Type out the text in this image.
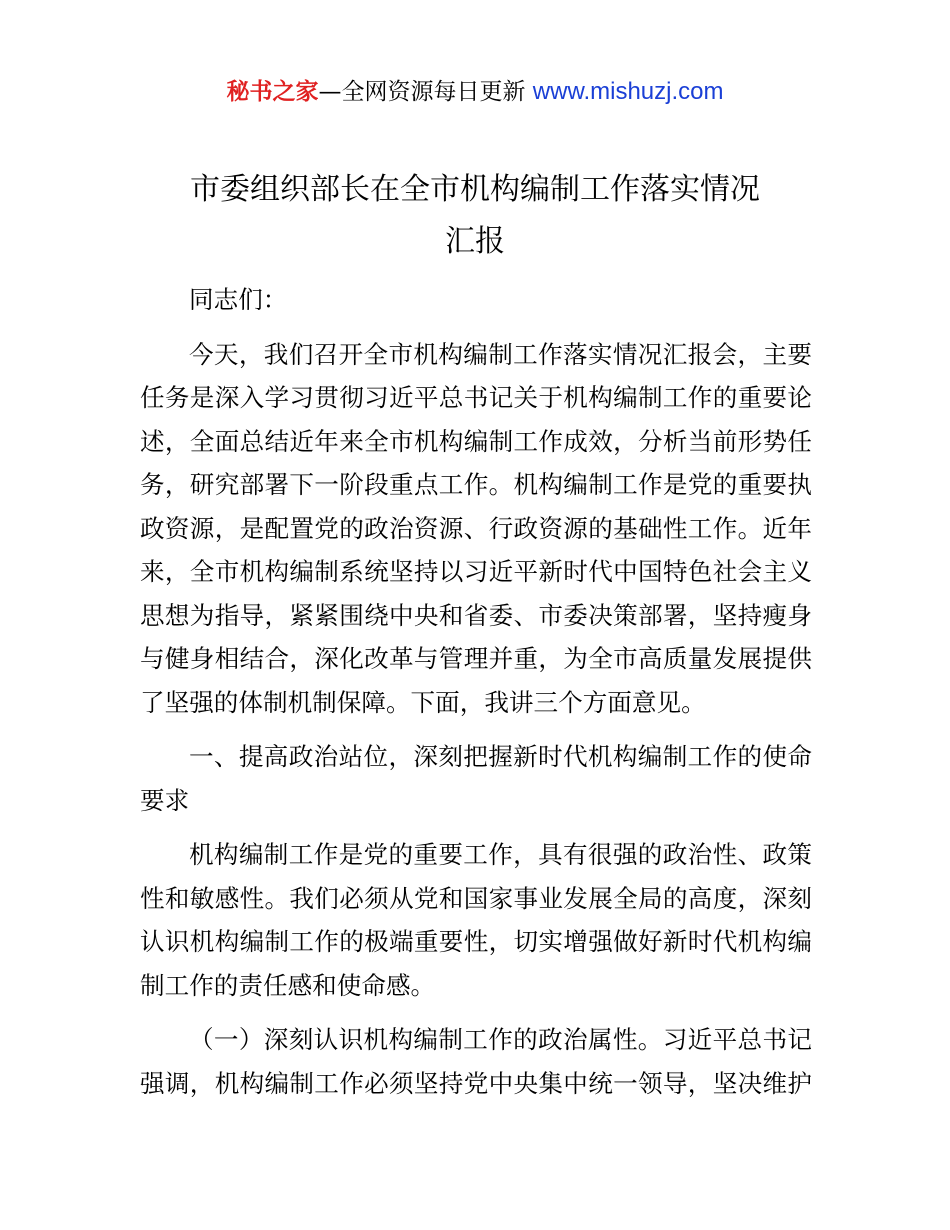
秘书之家—全网资源每日更新 www.mishuzj.com
市委组织部长在全市机构编制工作落实情况
汇报
同志们：
今天，我们召开全市机构编制工作落实情况汇报会，主要
任务是深入学习贯彻习近平总书记关于机构编制工作的重要论
述，全面总结近年来全市机构编制工作成效，分析当前形势任
务，研究部署下一阶段重点工作。机构编制工作是党的重要执
政资源，是配置党的政治资源、行政资源的基础性工作。近年
来，全市机构编制系统坚持以习近平新时代中国特色社会主义
思想为指导，紧紧围绕中央和省委、市委决策部署，坚持瘦身
与健身相结合，深化改革与管理并重，为全市高质量发展提供
了坚强的体制机制保障。下面，我讲三个方面意见。
一、提高政治站位，深刻把握新时代机构编制工作的使命
要求
机构编制工作是党的重要工作，具有很强的政治性、政策
性和敏感性。我们必须从党和国家事业发展全局的高度，深刻
认识机构编制工作的极端重要性，切实增强做好新时代机构编
制工作的责任感和使命感。
（一）深刻认识机构编制工作的政治属性。习近平总书记
强调，机构编制工作必须坚持党中央集中统一领导，坚决维护
